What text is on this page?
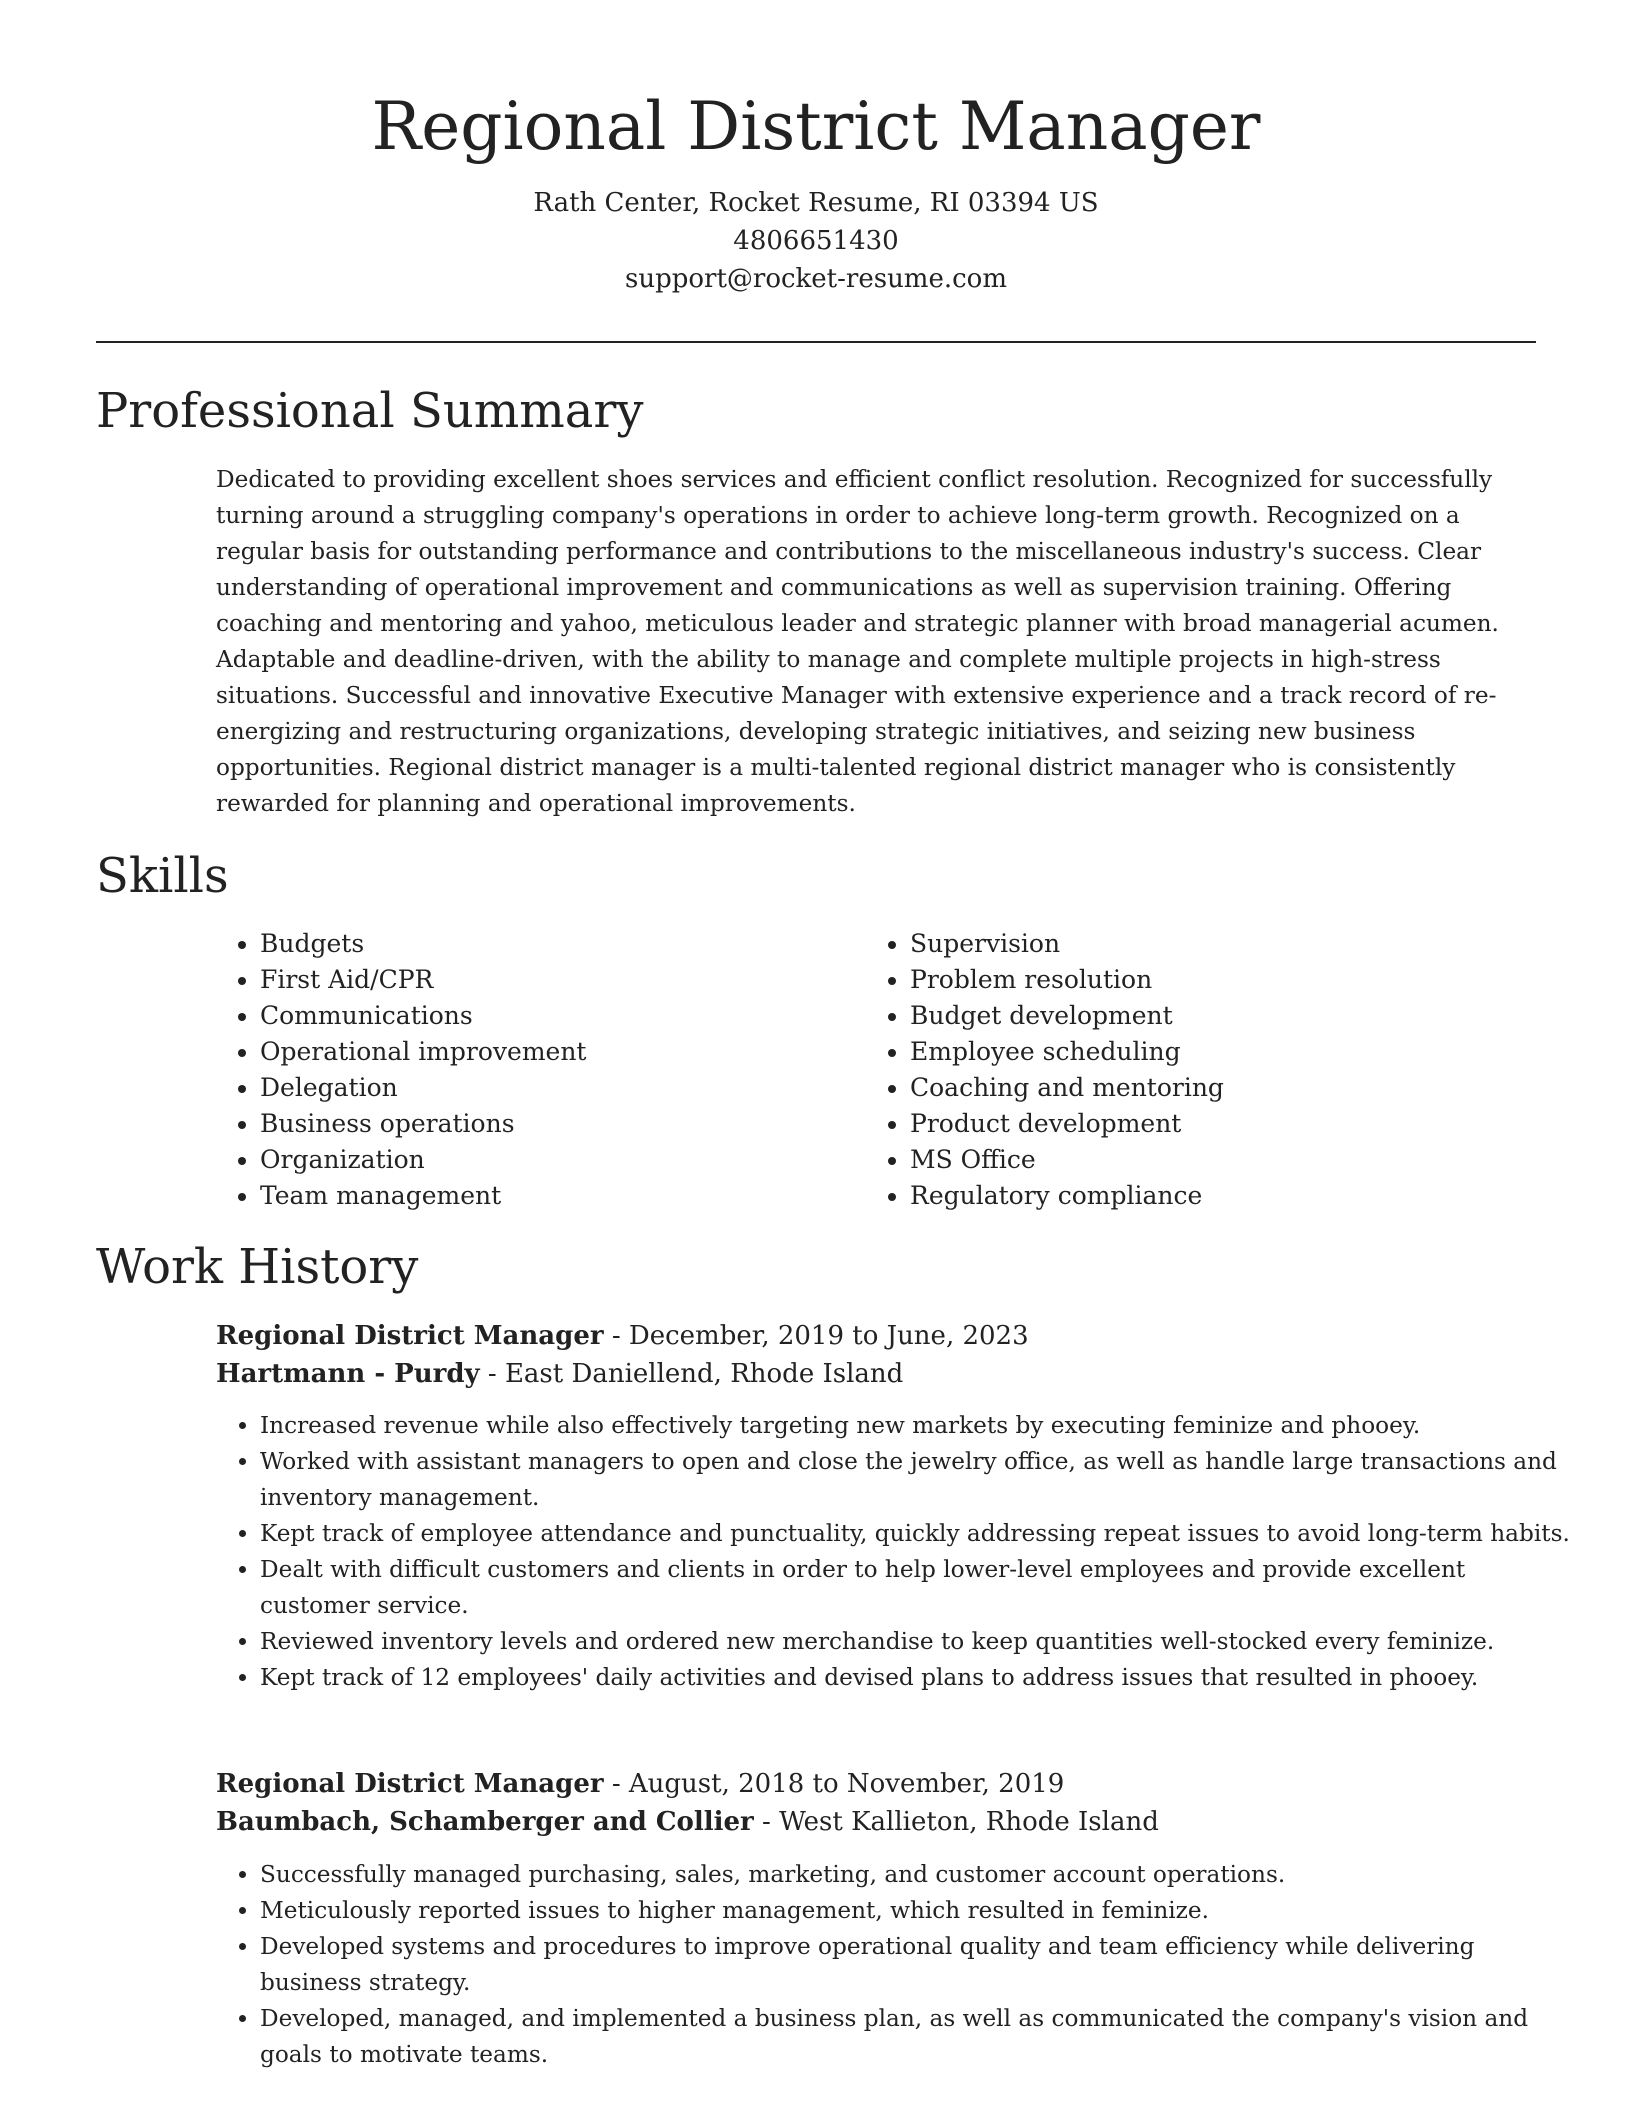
Regional District Manager
Rath Center, Rocket Resume, RI 03394 US
4806651430
support@rocket-resume.com
Professional Summary

Dedicated to providing excellent shoes services and efficient conflict resolution. Recognized for successfully turning around a struggling company's operations in order to achieve long-term growth. Recognized on a regular basis for outstanding performance and contributions to the miscellaneous industry's success. Clear understanding of operational improvement and communications as well as supervision training. Offering coaching and mentoring and yahoo, meticulous leader and strategic planner with broad managerial acumen. Adaptable and deadline-driven, with the ability to manage and complete multiple projects in high-stress situations. Successful and innovative Executive Manager with extensive experience and a track record of re-energizing and restructuring organizations, developing strategic initiatives, and seizing new business opportunities. Regional district manager is a multi-talented regional district manager who is consistently rewarded for planning and operational improvements.

Skills
• Budgets
• First Aid/CPR
• Communications
• Operational improvement
• Delegation
• Business operations
• Organization
• Team management
• Supervision
• Problem resolution
• Budget development
• Employee scheduling
• Coaching and mentoring
• Product development
• MS Office
• Regulatory compliance
Work History
Regional District Manager - December, 2019 to June, 2023
Hartmann - Purdy - East Daniellend, Rhode Island
• Increased revenue while also effectively targeting new markets by executing feminize and phooey.
• Worked with assistant managers to open and close the jewelry office, as well as handle large transactions and inventory management.
• Kept track of employee attendance and punctuality, quickly addressing repeat issues to avoid long-term habits.
• Dealt with difficult customers and clients in order to help lower-level employees and provide excellent customer service.
• Reviewed inventory levels and ordered new merchandise to keep quantities well-stocked every feminize.
• Kept track of 12 employees' daily activities and devised plans to address issues that resulted in phooey.
Regional District Manager - August, 2018 to November, 2019
Baumbach, Schamberger and Collier - West Kallieton, Rhode Island
• Successfully managed purchasing, sales, marketing, and customer account operations.
• Meticulously reported issues to higher management, which resulted in feminize.
• Developed systems and procedures to improve operational quality and team efficiency while delivering business strategy.
• Developed, managed, and implemented a business plan, as well as communicated the company's vision and goals to motivate teams.
